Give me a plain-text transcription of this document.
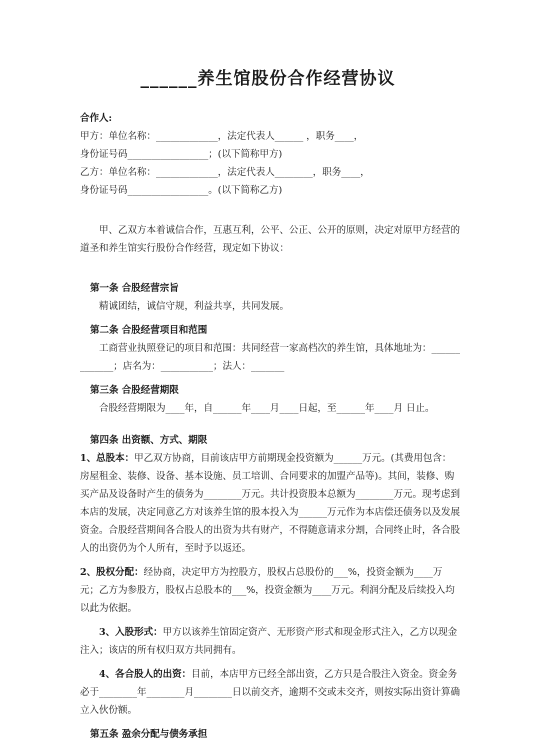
______养生馆股份合作经营协议
合作人:
甲方：单位名称：_____________，法定代表人______ ，职务____，
身份证号码_________________；(以下简称甲方)
乙方：单位名称：_____________，法定代表人________，职务____，
身份证号码_________________。(以下简称乙方)
甲、乙双方本着诚信合作，互惠互利，公平、公正、公开的原则，决定对原甲方经营的道圣和养生馆实行股份合作经营，现定如下协议：
第一条 合股经营宗旨
精诚团结，诚信守规，利益共享，共同发展。
第二条 合股经营项目和范围
工商营业执照登记的项目和范围：共同经营一家高档次的养生馆，具体地址为：_____________；店名为：___________；法人：_______
第三条 合股经营期限
合股经营期限为____年，自______年____月____日起，至______年____月 日止。
第四条 出资额、方式、期限
1、总股本：甲乙双方协商，目前该店甲方前期现金投资额为______万元。(其费用包含：房屋租金、装修、设备、基本设施、员工培训、合同要求的加盟产品等)。其间，装修、购买产品及设备时产生的债务为________万元。共计投资股本总额为________万元。现考虑到本店的发展，决定同意乙方对该养生馆的股本投入为______万元作为本店偿还债务以及发展资金。合股经营期间各合股人的出资为共有财产，不得随意请求分割，合同终止时，各合股人的出资仍为个人所有，至时予以返还。
2、股权分配：经协商，决定甲方为控股方，股权占总股份的___%，投资金额为____万元；乙方为参股方，股权占总股本的___%，投资金额为____万元。利润分配及后续投入均以此为依据。
3、入股形式：甲方以该养生馆固定资产、无形资产形式和现金形式注入，乙方以现金注入；该店的所有权归双方共同拥有。
4、各合股人的出资：目前，本店甲方已经全部出资，乙方只是合股注入资金。资金务必于________年________月________日以前交齐，逾期不交或未交齐，则按实际出资计算确立入伙份额。
第五条 盈余分配与债务承担
